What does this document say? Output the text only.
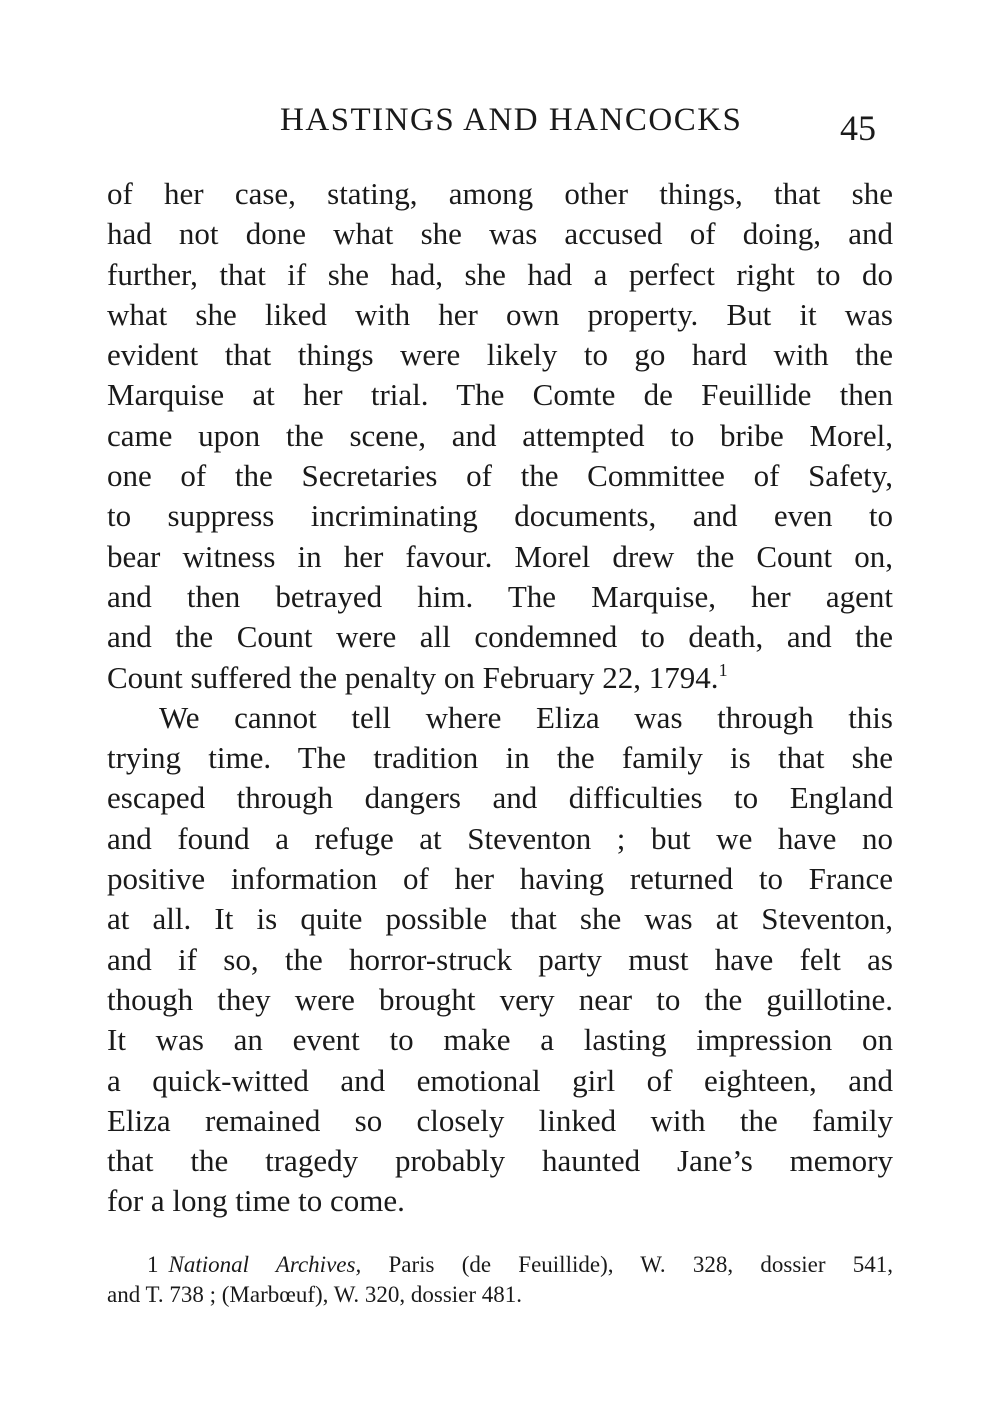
HASTINGS AND HANCOCKS	45
of her case, stating, among other things, that she
had not done what she was accused of doing, and
further, that if she had, she had a perfect right to do
what she liked with her own property. But it was
evident that things were likely to go hard with the
Marquise at her trial. The Comte de Feuillide then
came upon the scene, and attempted to bribe Morel,
one of the Secretaries of the Committee of Safety,
to suppress incriminating documents, and even to
bear witness in her favour. Morel drew the Count on,
and then betrayed him. The Marquise, her agent
and the Count were all condemned to death, and the
Count suffered the penalty on February 22, 1794.$^1$
We cannot tell where Eliza was through this
trying time. The tradition in the family is that she
escaped through dangers and difficulties to England
and found a refuge at Steventon ; but we have no
positive information of her having returned to France
at all. It is quite possible that she was at Steventon,
and if so, the horror-struck party must have felt as
though they were brought very near to the guillotine.
It was an event to make a lasting impression on
a quick-witted and emotional girl of eighteen, and
Eliza remained so closely linked with the family
that the tragedy probably haunted Jane’s memory
for a long time to come.
1 National Archives, Paris (de Feuillide), W. 328, dossier 541,
and T. 738 ; (Marbœuf), W. 320, dossier 481.
